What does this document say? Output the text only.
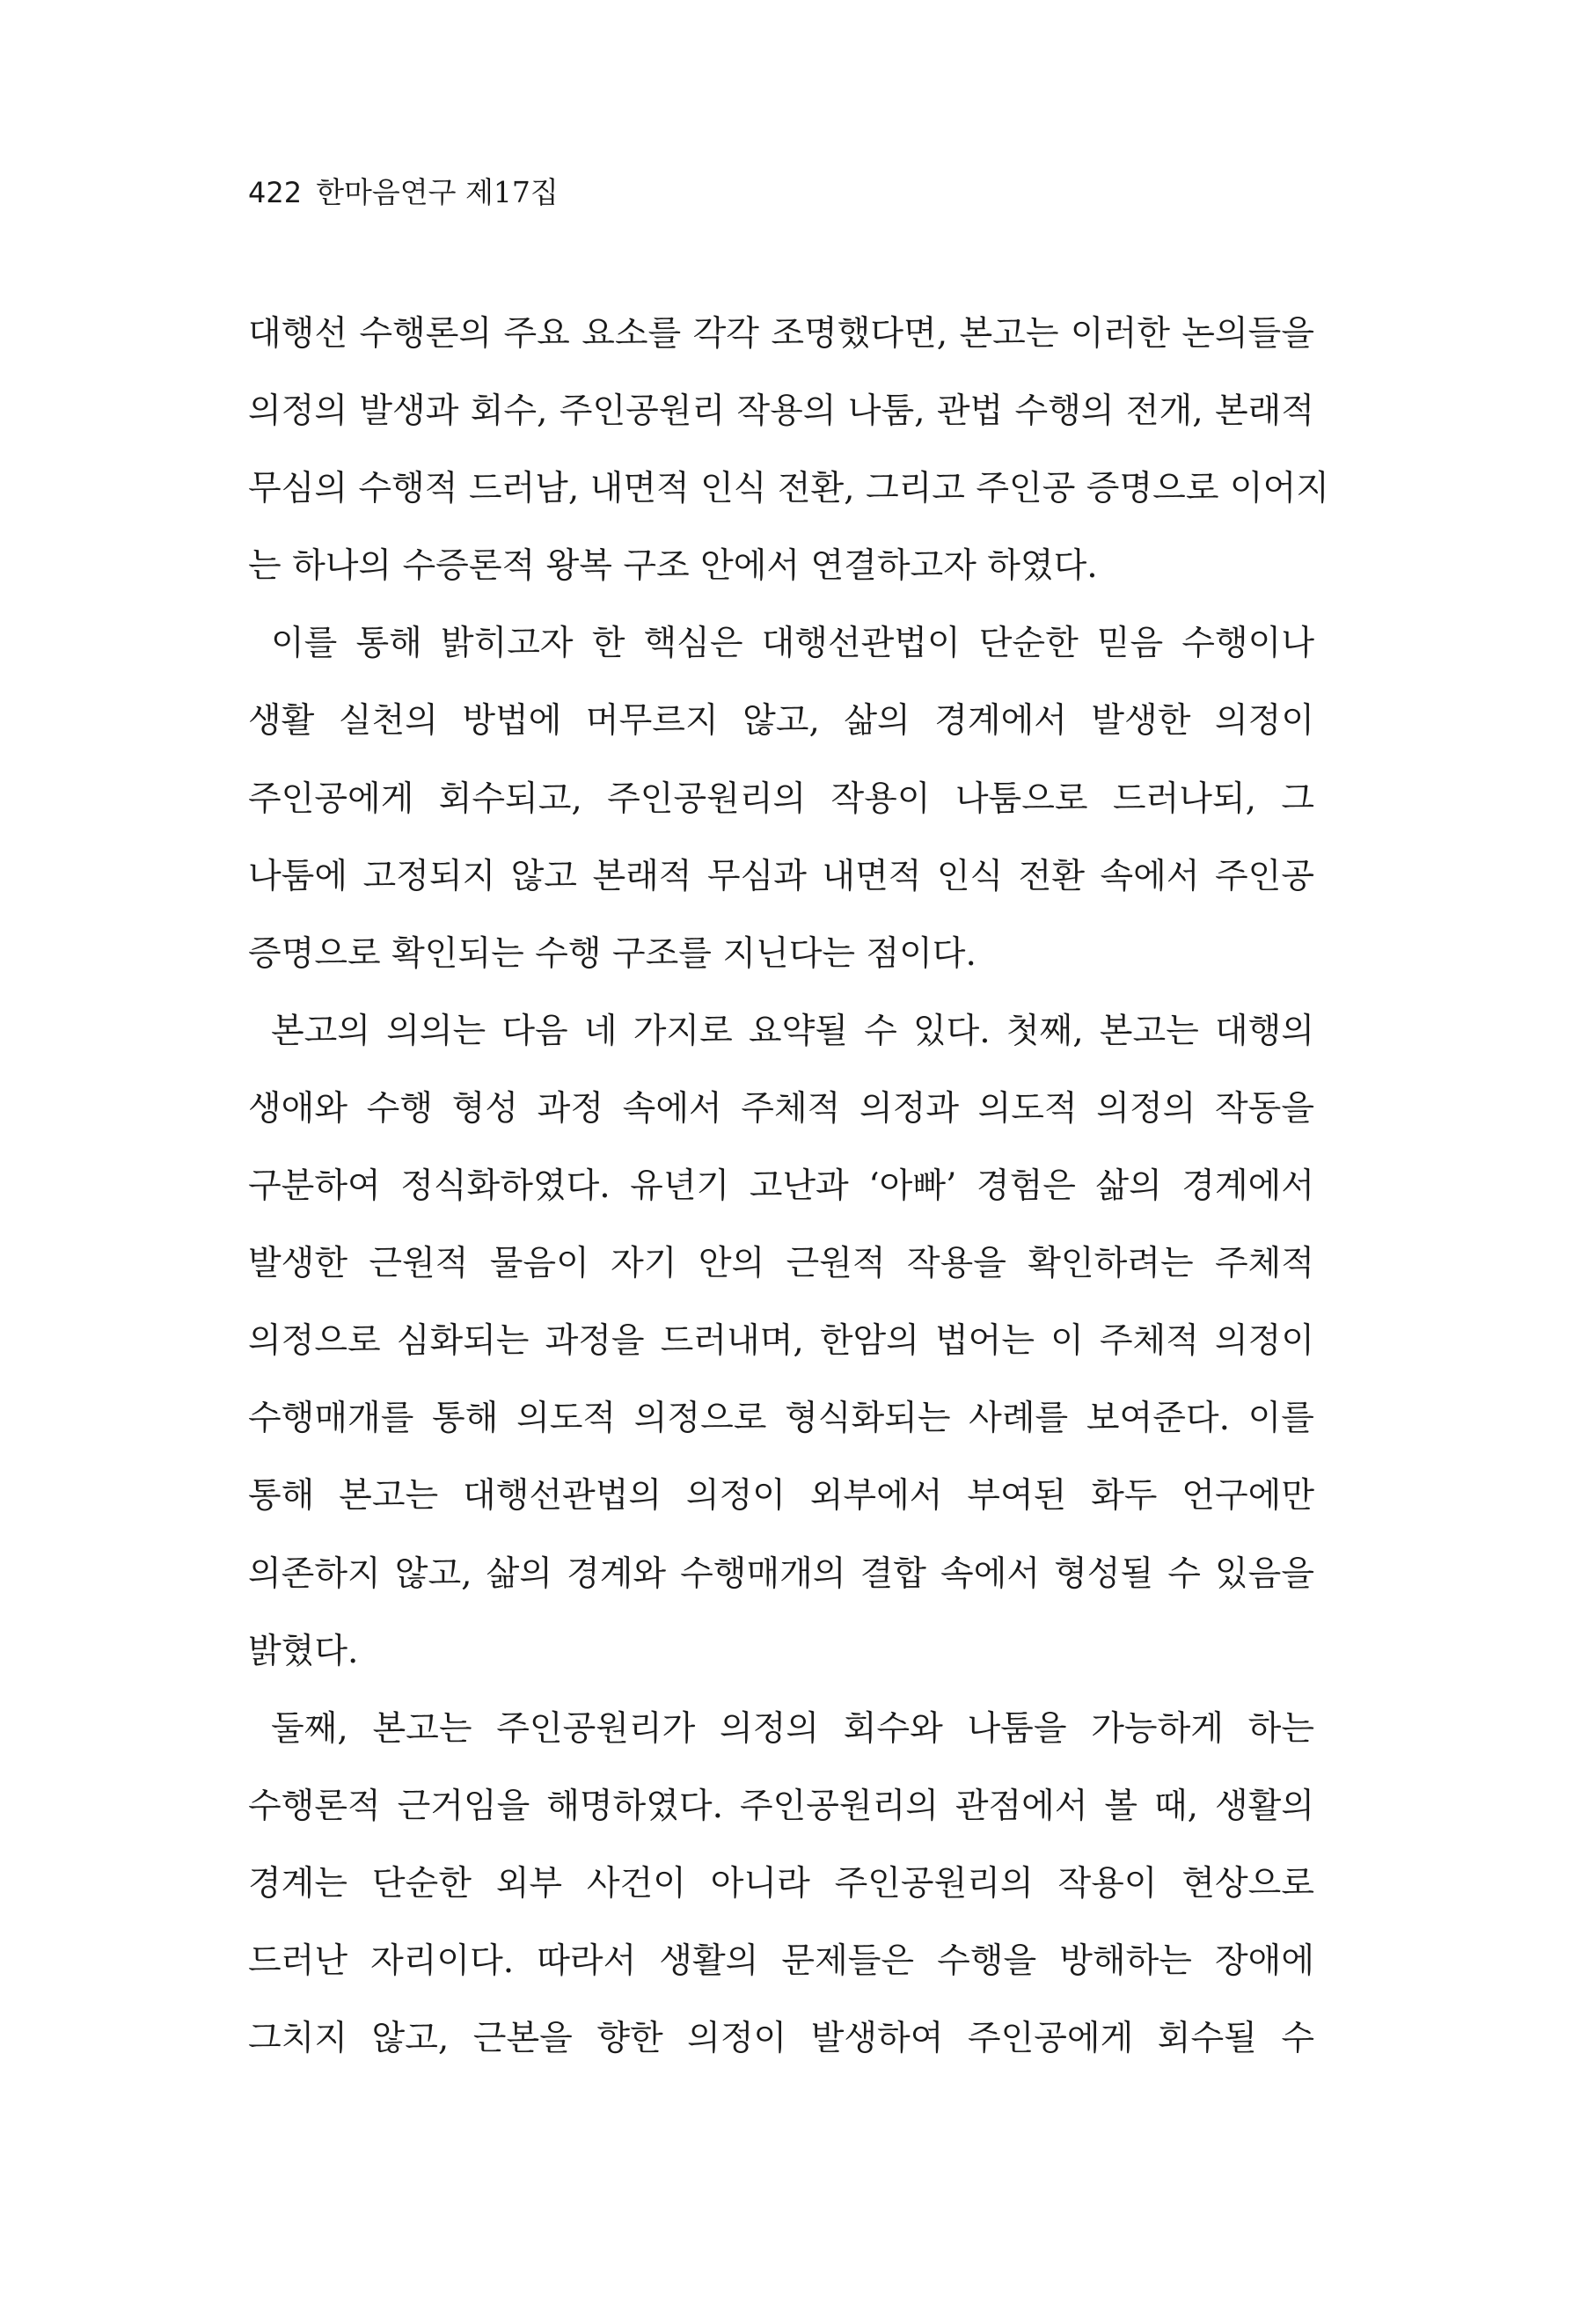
422 한마음연구 제17집
대행선 수행론의 주요 요소를 각각 조명했다면, 본고는 이러한 논의들을
의정의 발생과 회수, 주인공원리 작용의 나툼, 관법 수행의 전개, 본래적
무심의 수행적 드러남, 내면적 인식 전환, 그리고 주인공 증명으로 이어지
는 하나의 수증론적 왕복 구조 안에서 연결하고자 하였다.
이를 통해 밝히고자 한 핵심은 대행선관법이 단순한 믿음 수행이나
생활 실천의 방법에 머무르지 않고, 삶의 경계에서 발생한 의정이
주인공에게 회수되고, 주인공원리의 작용이 나툼으로 드러나되, 그
나툼에 고정되지 않고 본래적 무심과 내면적 인식 전환 속에서 주인공
증명으로 확인되는 수행 구조를 지닌다는 점이다.
본고의 의의는 다음 네 가지로 요약될 수 있다. 첫째, 본고는 대행의
생애와 수행 형성 과정 속에서 주체적 의정과 의도적 의정의 작동을
구분하여 정식화하였다. 유년기 고난과 ‘아빠’ 경험은 삶의 경계에서
발생한 근원적 물음이 자기 안의 근원적 작용을 확인하려는 주체적
의정으로 심화되는 과정을 드러내며, 한암의 법어는 이 주체적 의정이
수행매개를 통해 의도적 의정으로 형식화되는 사례를 보여준다. 이를
통해 본고는 대행선관법의 의정이 외부에서 부여된 화두 언구에만
의존하지 않고, 삶의 경계와 수행매개의 결합 속에서 형성될 수 있음을
밝혔다.
둘째, 본고는 주인공원리가 의정의 회수와 나툼을 가능하게 하는
수행론적 근거임을 해명하였다. 주인공원리의 관점에서 볼 때, 생활의
경계는 단순한 외부 사건이 아니라 주인공원리의 작용이 현상으로
드러난 자리이다. 따라서 생활의 문제들은 수행을 방해하는 장애에
그치지 않고, 근본을 향한 의정이 발생하여 주인공에게 회수될 수
